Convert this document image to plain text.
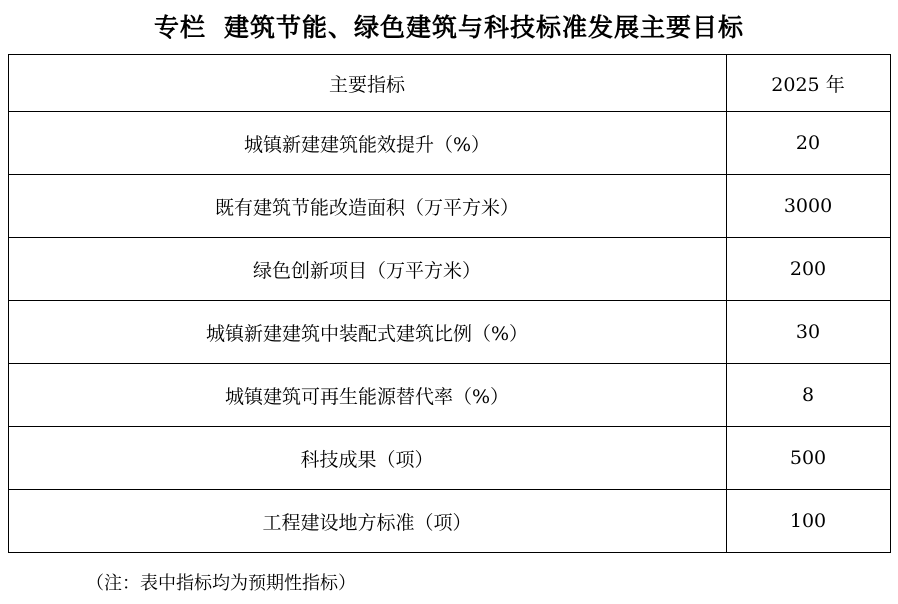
专栏 建筑节能、绿色建筑与科技标准发展主要目标
主要指标	2025 年
城镇新建建筑能效提升（%）	20
既有建筑节能改造面积（万平方米）	3000
绿色创新项目（万平方米）	200
城镇新建建筑中装配式建筑比例（%）	30
城镇建筑可再生能源替代率（%）	8
科技成果（项）	500
工程建设地方标准（项）	100
（注：表中指标均为预期性指标）
